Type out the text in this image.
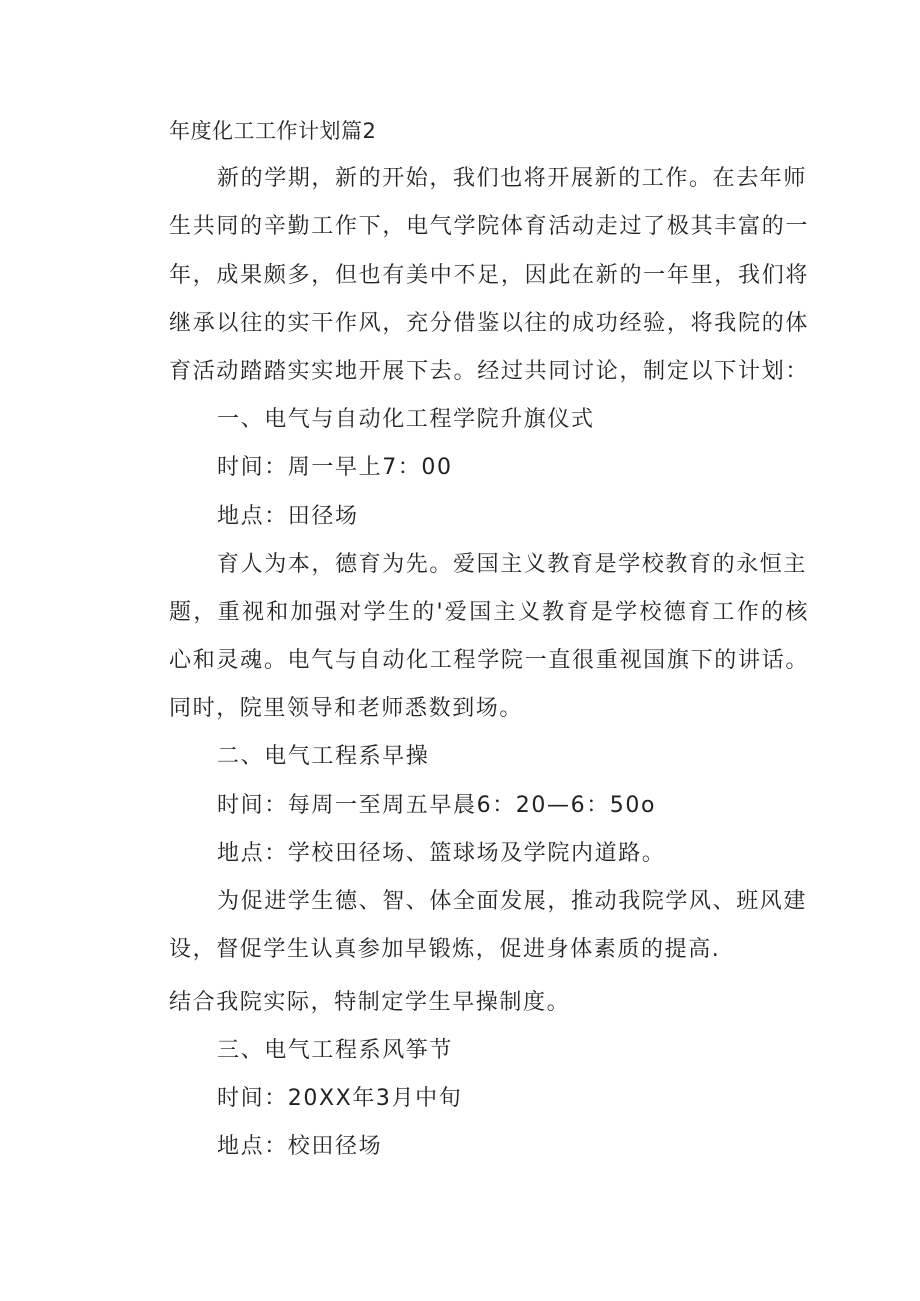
年度化工工作计划篇2
新的学期，新的开始，我们也将开展新的工作。在去年师
生共同的辛勤工作下，电气学院体育活动走过了极其丰富的一
年，成果颇多，但也有美中不足，因此在新的一年里，我们将
继承以往的实干作风，充分借鉴以往的成功经验，将我院的体
育活动踏踏实实地开展下去。经过共同讨论，制定以下计划：
一、电气与自动化工程学院升旗仪式
时间：周一早上7：00
地点：田径场
育人为本，德育为先。爱国主义教育是学校教育的永恒主
题，重视和加强对学生的'爱国主义教育是学校德育工作的核
心和灵魂。电气与自动化工程学院一直很重视国旗下的讲话。
同时，院里领导和老师悉数到场。
二、电气工程系早操
时间：每周一至周五早晨6：20—6：50o
地点：学校田径场、篮球场及学院内道路。
为促进学生德、智、体全面发展，推动我院学风、班风建
设，督促学生认真参加早锻炼，促进身体素质的提高.
结合我院实际，特制定学生早操制度。
三、电气工程系风筝节
时间：20XX年3月中旬
地点：校田径场
